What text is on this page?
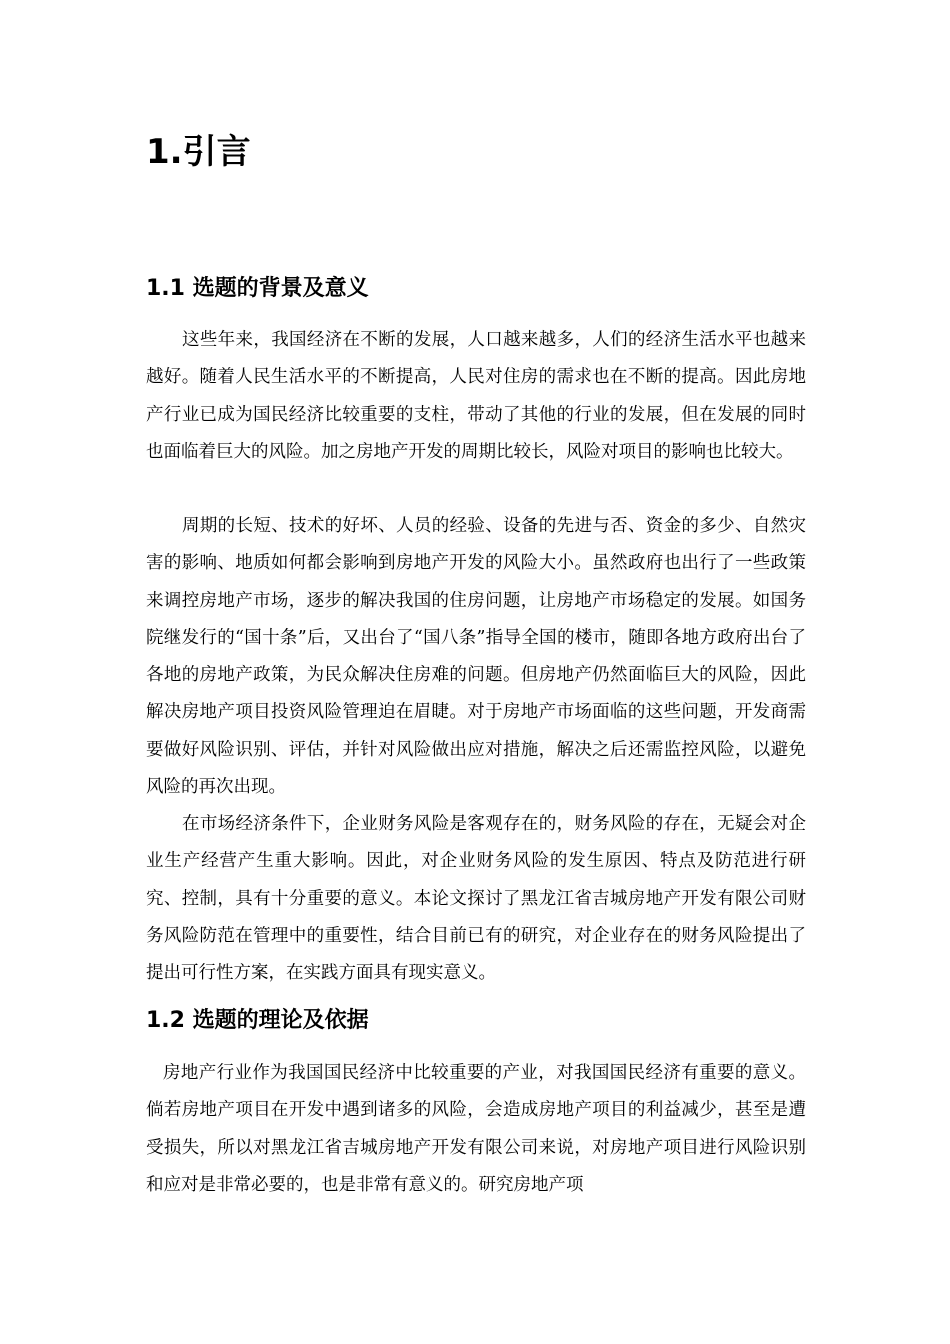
1.引言
1.1 选题的背景及意义

这些年来，我国经济在不断的发展，人口越来越多，人们的经济生活水平也越来越好。随着人民生活水平的不断提高，人民对住房的需求也在不断的提高。因此房地产行业已成为国民经济比较重要的支柱，带动了其他的行业的发展，但在发展的同时也面临着巨大的风险。加之房地产开发的周期比较长，风险对项目的影响也比较大。

周期的长短、技术的好坏、人员的经验、设备的先进与否、资金的多少、自然灾害的影响、地质如何都会影响到房地产开发的风险大小。虽然政府也出行了一些政策来调控房地产市场，逐步的解决我国的住房问题，让房地产市场稳定的发展。如国务院继发行的“国十条”后，又出台了“国八条”指导全国的楼市，随即各地方政府出台了各地的房地产政策，为民众解决住房难的问题。但房地产仍然面临巨大的风险，因此解决房地产项目投资风险管理迫在眉睫。对于房地产市场面临的这些问题，开发商需要做好风险识别、评估，并针对风险做出应对措施，解决之后还需监控风险，以避免风险的再次出现。

在市场经济条件下，企业财务风险是客观存在的，财务风险的存在，无疑会对企业生产经营产生重大影响。因此，对企业财务风险的发生原因、特点及防范进行研究、控制，具有十分重要的意义。本论文探讨了黑龙江省吉城房地产开发有限公司财务风险防范在管理中的重要性，结合目前已有的研究，对企业存在的财务风险提出了提出可行性方案，在实践方面具有现实意义。

1.2 选题的理论及依据

房地产行业作为我国国民经济中比较重要的产业，对我国国民经济有重要的意义。倘若房地产项目在开发中遇到诸多的风险，会造成房地产项目的利益减少，甚至是遭受损失，所以对黑龙江省吉城房地产开发有限公司来说，对房地产项目进行风险识别和应对是非常必要的，也是非常有意义的。研究房地产项
